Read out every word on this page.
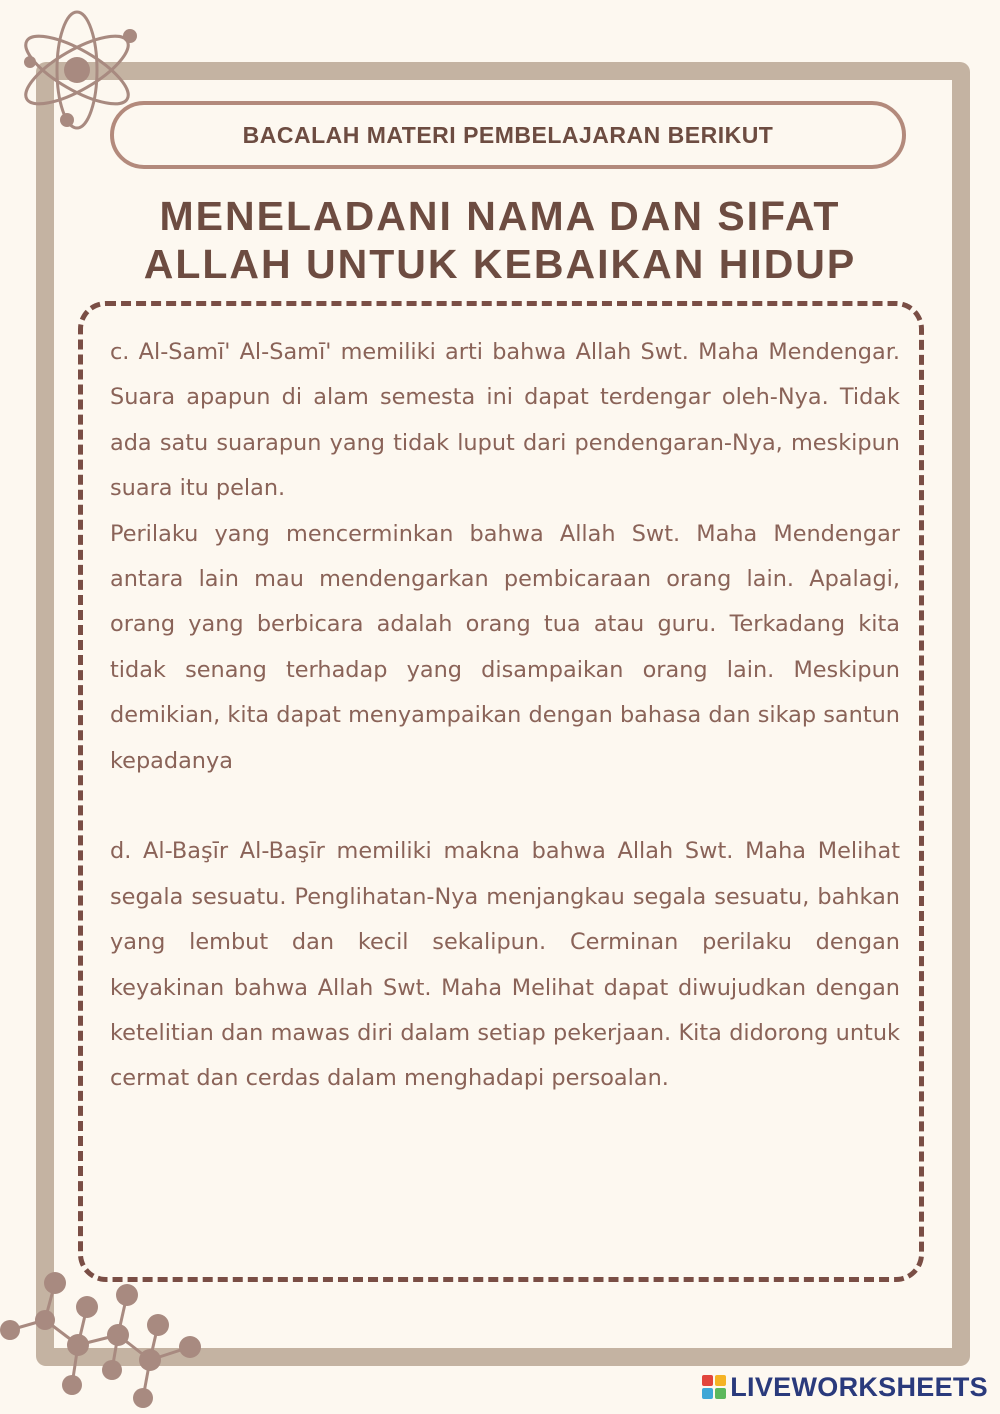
BACALAH MATERI PEMBELAJARAN BERIKUT
MENELADANI NAMA DAN SIFAT
ALLAH UNTUK KEBAIKAN HIDUP

c. Al-Samī' Al-Samī' memiliki arti bahwa Allah Swt. Maha Mendengar. Suara apapun di alam semesta ini dapat terdengar oleh-Nya. Tidak ada satu suarapun yang tidak luput dari pendengaran-Nya, meskipun suara itu pelan.

Perilaku yang mencerminkan bahwa Allah Swt. Maha Mendengar antara lain mau mendengarkan pembicaraan orang lain. Apalagi, orang yang berbicara adalah orang tua atau guru. Terkadang kita tidak senang terhadap yang disampaikan orang lain. Meskipun demikian, kita dapat menyampaikan dengan bahasa dan sikap santun kepadanya

d. Al-Başīr Al-Başīr memiliki makna bahwa Allah Swt. Maha Melihat segala sesuatu. Penglihatan-Nya menjangkau segala sesuatu, bahkan yang lembut dan kecil sekalipun. Cerminan perilaku dengan keyakinan bahwa Allah Swt. Maha Melihat dapat diwujudkan dengan ketelitian dan mawas diri dalam setiap pekerjaan. Kita didorong untuk cermat dan cerdas dalam menghadapi persoalan.

LIVEWORKSHEETS
